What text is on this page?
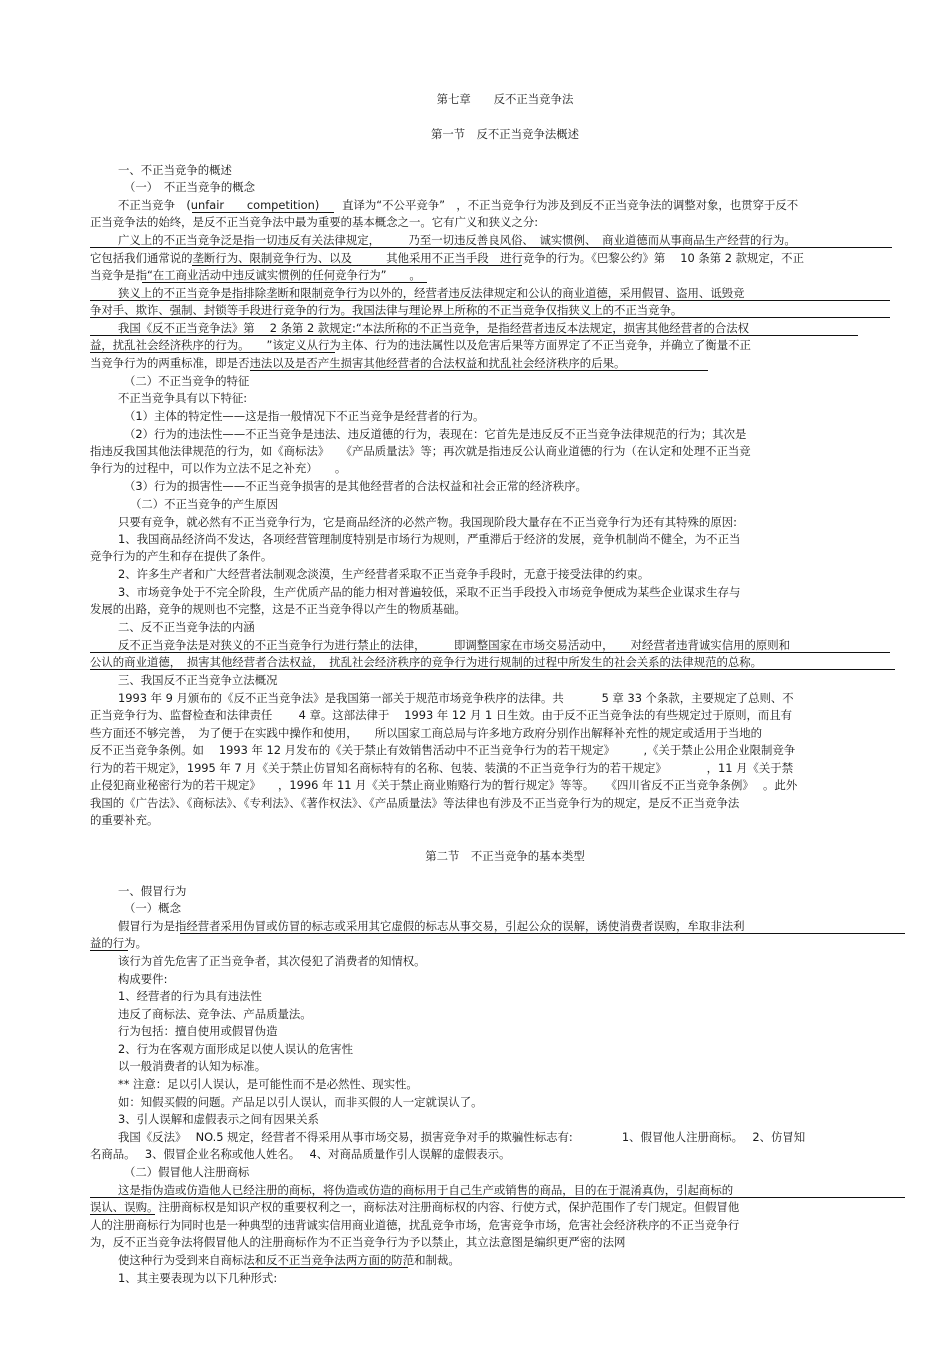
第七章　　反不正当竞争法
第一节　反不正当竞争法概述
一、不正当竞争的概述
（一）　不正当竞争的概念
不正当竞争　(unfair　　competition)　　直译为“不公平竞争”　，不正当竞争行为涉及到反不正当竞争法的调整对象，也贯穿于反不
正当竞争法的始终，是反不正当竞争法中最为重要的基本概念之一。它有广义和狭义之分:
广义上的不正当竞争泛是指一切违反有关法律规定，　　　乃至一切违反善良风俗、　诚实惯例、　商业道德而从事商品生产经营的行为。
它包括我们通常说的垄断行为、限制竞争行为、以及　　　其他采用不正当手段　进行竞争的行为。《巴黎公约》第　 10 条第 2 款规定，不正
当竞争是指“在工商业活动中违反诚实惯例的任何竞争行为”　　。
狭义上的不正当竞争是指排除垄断和限制竞争行为以外的，经营者违反法律规定和公认的商业道德，采用假冒、盗用、诋毁竞
争对手、欺诈、强制、封锁等手段进行竞争的行为。我国法律与理论界上所称的不正当竞争仅指狭义上的不正当竞争。
我国《反不正当竞争法》第　 2 条第 2 款规定:“本法所称的不正当竞争，是指经营者违反本法规定，损害其他经营者的合法权
益，扰乱社会经济秩序的行为。　　”该定义从行为主体、行为的违法属性以及危害后果等方面界定了不正当竞争，并确立了衡量不正
当竞争行为的两重标准，即是否违法以及是否产生损害其他经营者的合法权益和扰乱社会经济秩序的后果。
（二）不正当竞争的特征
不正当竞争具有以下特征:
（1）主体的特定性——这是指一般情况下不正当竞争是经营者的行为。
（2）行为的违法性——不正当竞争是违法、违反道德的行为，表现在：它首先是违反反不正当竞争法律规范的行为；其次是
指违反我国其他法律规范的行为，如《商标法》　　《产品质量法》等；再次就是指违反公认商业道德的行为（在认定和处理不正当竞
争行为的过程中，可以作为立法不足之补充）　　。
（3）行为的损害性——不正当竞争损害的是其他经营者的合法权益和社会正常的经济秩序。
（二）不正当竞争的产生原因
只要有竞争，就必然有不正当竞争行为，它是商品经济的必然产物。我国现阶段大量存在不正当竞争行为还有其特殊的原因:
1、我国商品经济尚不发达，各项经营管理制度特别是市场行为规则，严重滞后于经济的发展，竞争机制尚不健全，为不正当
竞争行为的产生和存在提供了条件。
2、许多生产者和广大经营者法制观念淡漠，生产经营者采取不正当竞争手段时，无意于接受法律的约束。
3、市场竞争处于不完全阶段，生产优质产品的能力相对普遍较低，采取不正当手段投入市场竞争便成为某些企业谋求生存与
发展的出路，竞争的规则也不完整，这是不正当竞争得以产生的物质基础。
二、反不正当竞争法的内涵
反不正当竞争法是对狭义的不正当竞争行为进行禁止的法律，　　　即调整国家在市场交易活动中，　　对经营者违背诚实信用的原则和
公认的商业道德，　损害其他经营者合法权益，　扰乱社会经济秩序的竞争行为进行规制的过程中所发生的社会关系的法律规范的总称。
三、我国反不正当竞争立法概况
1993 年 9 月颁布的《反不正当竞争法》是我国第一部关于规范市场竞争秩序的法律。共　　　 5 章 33 个条款，主要规定了总则、不
正当竞争行为、监督检查和法律责任　　 4 章。这部法律于　 1993 年 12 月 1 日生效。由于反不正当竞争法的有些规定过于原则，而且有
些方面还不够完善，　为了便于在实践中操作和使用，　　所以国家工商总局与许多地方政府分别作出解释补充性的规定或适用于当地的
反不正当竞争条例。如　 1993 年 12 月发布的《关于禁止有效销售活动中不正当竞争行为的若干规定》　　　,《关于禁止公用企业限制竞争
行为的若干规定》，1995 年 7 月《关于禁止仿冒知名商标特有的名称、包装、装潢的不正当竞争行为的若干规定》　　　　，11 月《关于禁
止侵犯商业秘密行为的若干规定》　　，1996 年 11 月《关于禁止商业贿赂行为的暂行规定》等等。　　《四川省反不正当竞争条例》　 。此外
我国的《广告法》、《商标法》、《专利法》、《著作权法》、《产品质量法》等法律也有涉及不正当竞争行为的规定，是反不正当竞争法
的重要补充。
第二节　不正当竞争的基本类型
一、假冒行为
（一）概念
假冒行为是指经营者采用伪冒或仿冒的标志或采用其它虚假的标志从事交易，引起公众的误解，诱使消费者误购，牟取非法利
益的行为。
该行为首先危害了正当竞争者，其次侵犯了消费者的知情权。
构成要件:
1、经营者的行为具有违法性
违反了商标法、竞争法、产品质量法。
行为包括：擅自使用或假冒伪造
2、行为在客观方面形成足以使人误认的危害性
以一般消费者的认知为标准。
** 注意：足以引人误认，是可能性而不是必然性、现实性。
如：知假买假的问题。产品足以引人误认，而非买假的人一定就误认了。
3、引人误解和虚假表示之间有因果关系
我国《反法》　 NO.5 规定，经营者不得采用从事市场交易，损害竞争对手的欺骗性标志有:　　　　 1、假冒他人注册商标。　 2、仿冒知
名商品。　 3、假冒企业名称或他人姓名。　 4、对商品质量作引人误解的虚假表示。
（二）假冒他人注册商标
这是指伪造或仿造他人已经注册的商标，将伪造或仿造的商标用于自己生产或销售的商品，目的在于混淆真伪，引起商标的
误认、误购。注册商标权是知识产权的重要权利之一，商标法对注册商标权的内容、行使方式，保护范围作了专门规定。但假冒他
人的注册商标行为同时也是一种典型的违背诚实信用商业道德，扰乱竞争市场，危害竞争市场，危害社会经济秩序的不正当竞争行
为，反不正当竞争法将假冒他人的注册商标作为不正当竞争行为予以禁止，其立法意图是编织更严密的法网
使这种行为受到来自商标法和反不正当竞争法两方面的防范和制裁。
1、其主要表现为以下几种形式:
